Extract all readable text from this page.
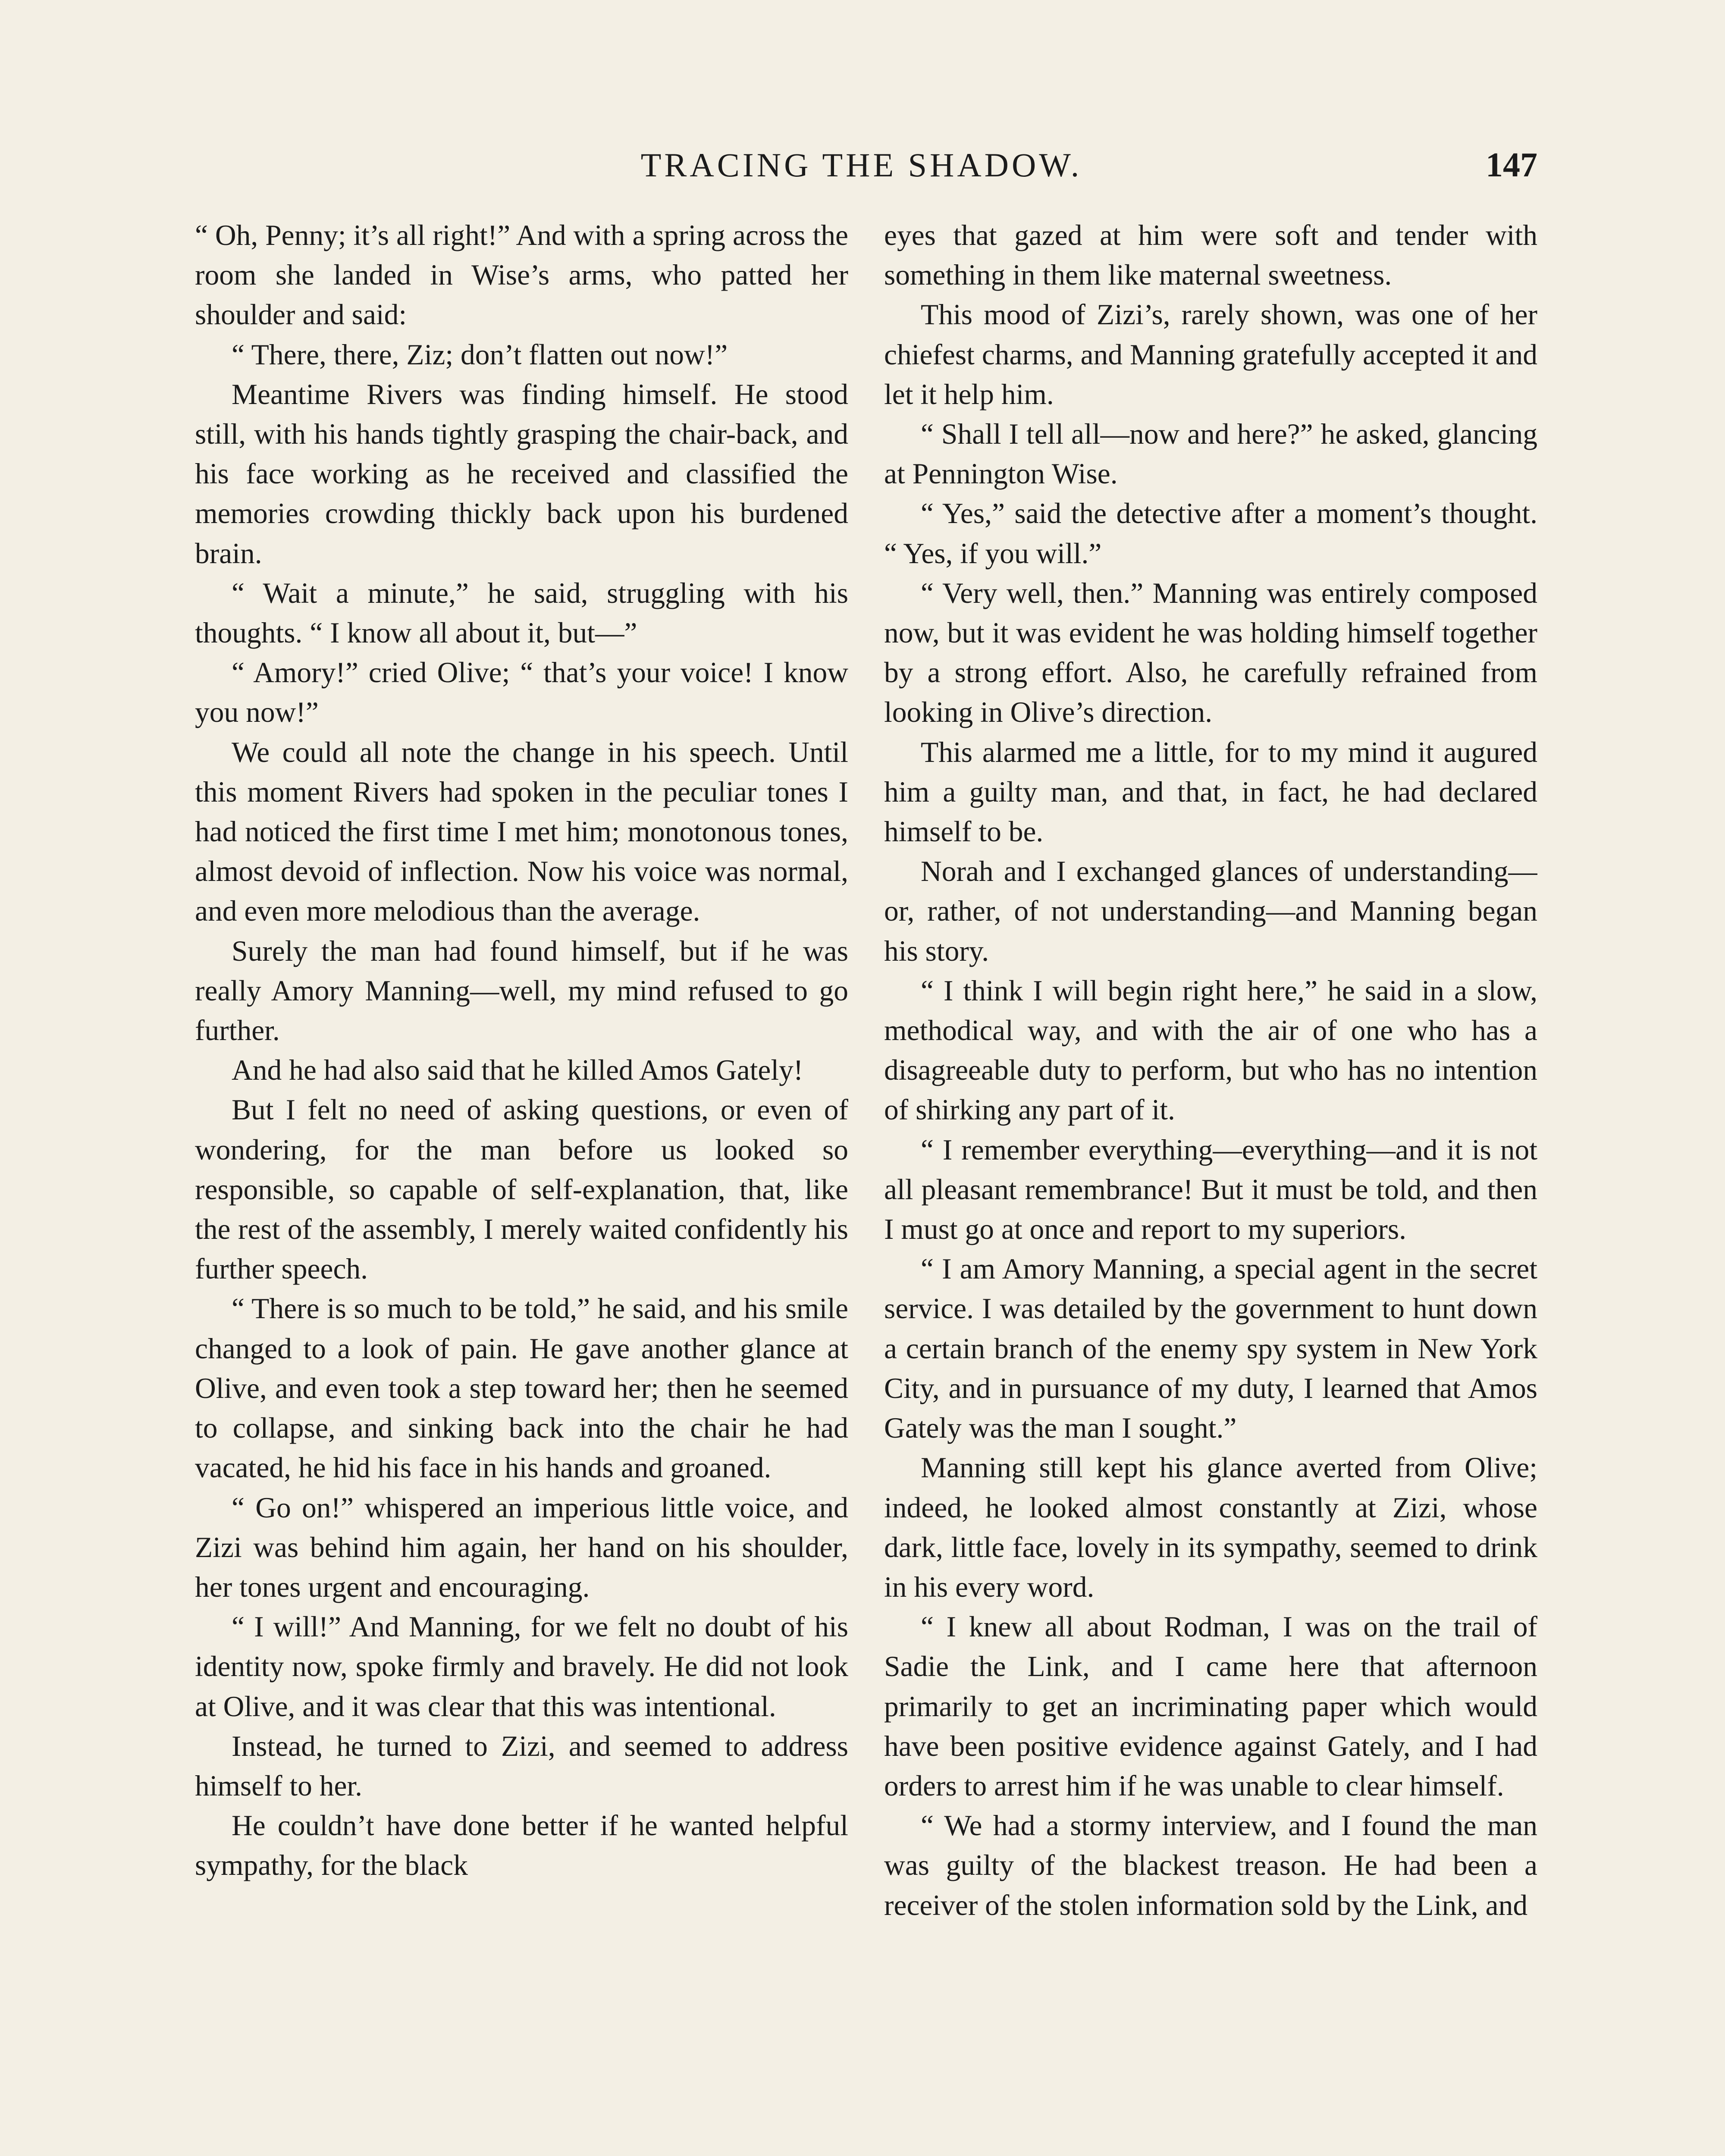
TRACING THE SHADOW.	147

“ Oh, Penny; it’s all right!” And with a spring across the room she landed in Wise’s arms, who patted her shoulder and said:

“ There, there, Ziz; don’t flatten out now!”

Meantime Rivers was finding himself. He stood still, with his hands tightly grasping the chair-back, and his face working as he received and classified the memories crowding thickly back upon his burdened brain.

“ Wait a minute,” he said, struggling with his thoughts. “ I know all about it, but—”

“ Amory!” cried Olive; “ that’s your voice! I know you now!”

We could all note the change in his speech. Until this moment Rivers had spoken in the peculiar tones I had noticed the first time I met him; monotonous tones, almost devoid of inflection. Now his voice was normal, and even more melodious than the average.

Surely the man had found himself, but if he was really Amory Manning—well, my mind refused to go further.

And he had also said that he killed Amos Gately!

But I felt no need of asking questions, or even of wondering, for the man before us looked so responsible, so capable of self-explanation, that, like the rest of the assembly, I merely waited confidently his further speech.

“ There is so much to be told,” he said, and his smile changed to a look of pain. He gave another glance at Olive, and even took a step toward her; then he seemed to collapse, and sinking back into the chair he had vacated, he hid his face in his hands and groaned.

“ Go on!” whispered an imperious little voice, and Zizi was behind him again, her hand on his shoulder, her tones urgent and encouraging.

“ I will!” And Manning, for we felt no doubt of his identity now, spoke firmly and bravely. He did not look at Olive, and it was clear that this was intentional.

Instead, he turned to Zizi, and seemed to address himself to her.

He couldn’t have done better if he wanted helpful sympathy, for the black

eyes that gazed at him were soft and tender with something in them like maternal sweetness.

This mood of Zizi’s, rarely shown, was one of her chiefest charms, and Manning gratefully accepted it and let it help him.

“ Shall I tell all—now and here?” he asked, glancing at Pennington Wise.

“ Yes,” said the detective after a moment’s thought. “ Yes, if you will.”

“ Very well, then.” Manning was entirely composed now, but it was evident he was holding himself together by a strong effort. Also, he carefully refrained from looking in Olive’s direction.

This alarmed me a little, for to my mind it augured him a guilty man, and that, in fact, he had declared himself to be.

Norah and I exchanged glances of understanding—or, rather, of not understanding—and Manning began his story.

“ I think I will begin right here,” he said in a slow, methodical way, and with the air of one who has a disagreeable duty to perform, but who has no intention of shirking any part of it.

“ I remember everything—everything—and it is not all pleasant remembrance! But it must be told, and then I must go at once and report to my superiors.

“ I am Amory Manning, a special agent in the secret service. I was detailed by the government to hunt down a certain branch of the enemy spy system in New York City, and in pursuance of my duty, I learned that Amos Gately was the man I sought.”

Manning still kept his glance averted from Olive; indeed, he looked almost constantly at Zizi, whose dark, little face, lovely in its sympathy, seemed to drink in his every word.

“ I knew all about Rodman, I was on the trail of Sadie the Link, and I came here that afternoon primarily to get an incriminating paper which would have been positive evidence against Gately, and I had orders to arrest him if he was unable to clear himself.

“ We had a stormy interview, and I found the man was guilty of the blackest treason. He had been a receiver of the stolen information sold by the Link, and
